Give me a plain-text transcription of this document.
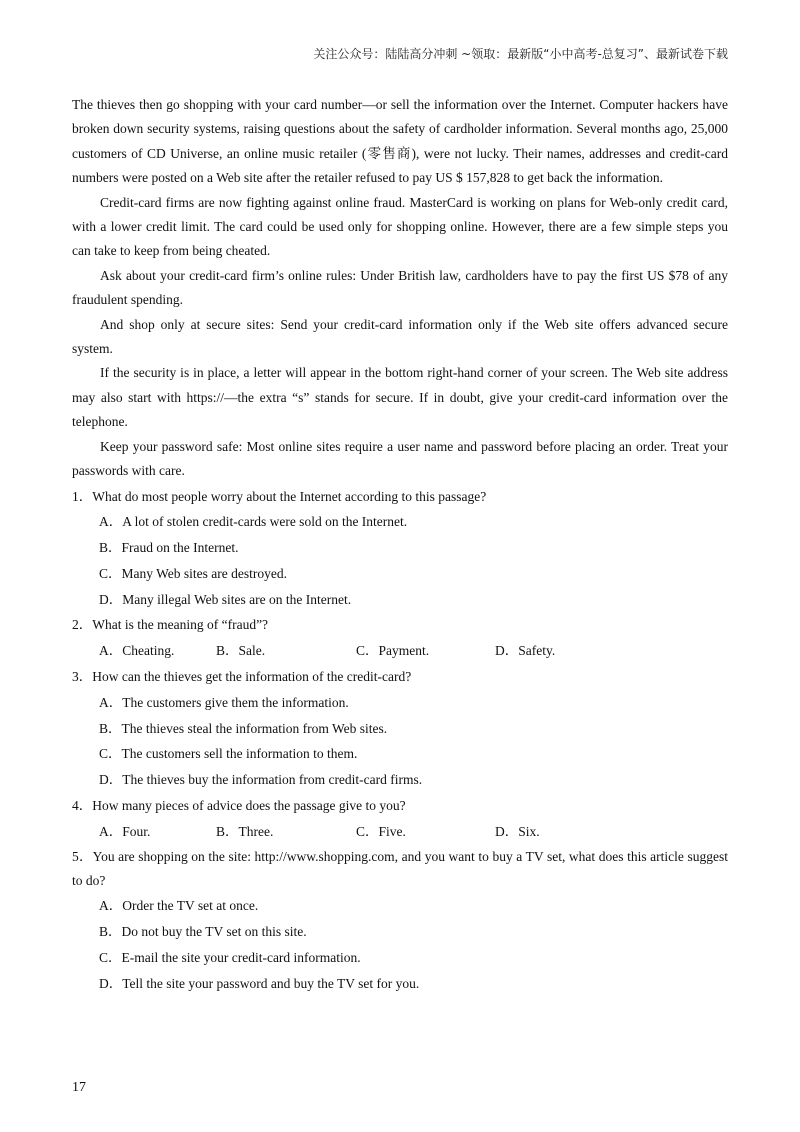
关注公众号：陆陆高分冲刺 ~领取：最新版“小中高考-总复习”、最新试卷下载

The thieves then go shopping with your card number—or sell the information over the Internet. Computer hackers have broken down security systems, raising questions about the safety of cardholder information. Several months ago, 25,000 customers of CD Universe, an online music retailer (零售商), were not lucky. Their names, addresses and credit-card numbers were posted on a Web site after the retailer refused to pay US $ 157,828 to get back the information.

Credit-card firms are now fighting against online fraud. MasterCard is working on plans for Web-only credit card, with a lower credit limit. The card could be used only for shopping online. However, there are a few simple steps you can take to keep from being cheated.

Ask about your credit-card firm’s online rules: Under British law, cardholders have to pay the first US $78 of any fraudulent spending.

And shop only at secure sites: Send your credit-card information only if the Web site offers advanced secure system.

If the security is in place, a letter will appear in the bottom right-hand corner of your screen. The Web site address may also start with https://—the extra “s” stands for secure. If in doubt, give your credit-card information over the telephone.

Keep your password safe: Most online sites require a user name and password before placing an order. Treat your passwords with care.

1．What do most people worry about the Internet according to this passage?

A．A lot of stolen credit-cards were sold on the Internet.

B．Fraud on the Internet.

C．Many Web sites are destroyed.

D．Many illegal Web sites are on the Internet.

2．What is the meaning of “fraud”?

A．Cheating.	B．Sale.	C．Payment.	D．Safety.

3．How can the thieves get the information of the credit-card?

A．The customers give them the information.

B．The thieves steal the information from Web sites.

C．The customers sell the information to them.

D．The thieves buy the information from credit-card firms.

4．How many pieces of advice does the passage give to you?

A．Four.	B．Three.	C．Five.	D．Six.

5．You are shopping on the site: http://www.shopping.com, and you want to buy a TV set, what does this article suggest to do?

A．Order the TV set at once.

B．Do not buy the TV set on this site.

C．E-mail the site your credit-card information.

D．Tell the site your password and buy the TV set for you.

17
